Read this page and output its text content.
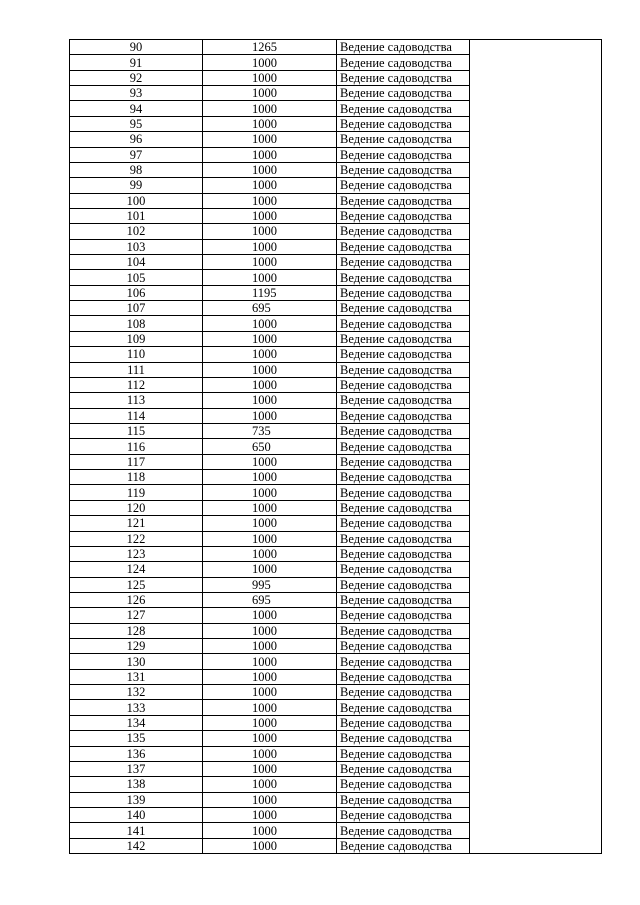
90	1265	Ведение садоводства	
91	1000	Ведение садоводства	
92	1000	Ведение садоводства	
93	1000	Ведение садоводства	
94	1000	Ведение садоводства	
95	1000	Ведение садоводства	
96	1000	Ведение садоводства	
97	1000	Ведение садоводства	
98	1000	Ведение садоводства	
99	1000	Ведение садоводства	
100	1000	Ведение садоводства	
101	1000	Ведение садоводства	
102	1000	Ведение садоводства	
103	1000	Ведение садоводства	
104	1000	Ведение садоводства	
105	1000	Ведение садоводства	
106	1195	Ведение садоводства	
107	695	Ведение садоводства	
108	1000	Ведение садоводства	
109	1000	Ведение садоводства	
110	1000	Ведение садоводства	
111	1000	Ведение садоводства	
112	1000	Ведение садоводства	
113	1000	Ведение садоводства	
114	1000	Ведение садоводства	
115	735	Ведение садоводства	
116	650	Ведение садоводства	
117	1000	Ведение садоводства	
118	1000	Ведение садоводства	
119	1000	Ведение садоводства	
120	1000	Ведение садоводства	
121	1000	Ведение садоводства	
122	1000	Ведение садоводства	
123	1000	Ведение садоводства	
124	1000	Ведение садоводства	
125	995	Ведение садоводства	
126	695	Ведение садоводства	
127	1000	Ведение садоводства	
128	1000	Ведение садоводства	
129	1000	Ведение садоводства	
130	1000	Ведение садоводства	
131	1000	Ведение садоводства	
132	1000	Ведение садоводства	
133	1000	Ведение садоводства	
134	1000	Ведение садоводства	
135	1000	Ведение садоводства	
136	1000	Ведение садоводства	
137	1000	Ведение садоводства	
138	1000	Ведение садоводства	
139	1000	Ведение садоводства	
140	1000	Ведение садоводства	
141	1000	Ведение садоводства	
142	1000	Ведение садоводства	
